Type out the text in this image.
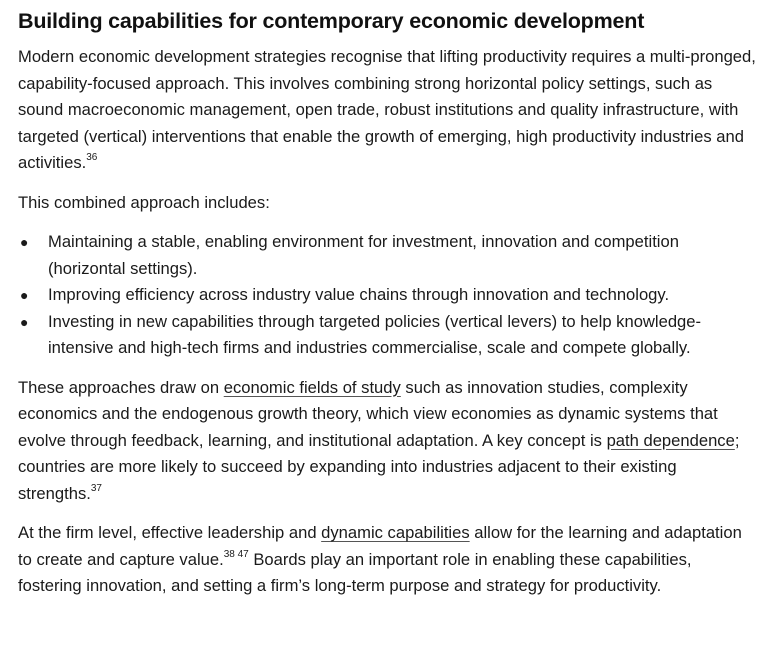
Building capabilities for contemporary economic development

Modern economic development strategies recognise that lifting productivity requires a multi-pronged, capability-focused approach. This involves combining strong horizontal policy settings, such as sound macroeconomic management, open trade, robust institutions and quality infrastructure, with targeted (vertical) interventions that enable the growth of emerging, high productivity industries and activities.$^{36}$

This combined approach includes:

● Maintaining a stable, enabling environment for investment, innovation and competition (horizontal settings).
● Improving efficiency across industry value chains through innovation and technology.
● Investing in new capabilities through targeted policies (vertical levers) to help knowledge-intensive and high-tech firms and industries commercialise, scale and compete globally.

These approaches draw on economic fields of study such as innovation studies, complexity economics and the endogenous growth theory, which view economies as dynamic systems that evolve through feedback, learning, and institutional adaptation. A key concept is path dependence; countries are more likely to succeed by expanding into industries adjacent to their existing strengths.$^{37}$

At the firm level, effective leadership and dynamic capabilities allow for the learning and adaptation to create and capture value.$^{38 47}$ Boards play an important role in enabling these capabilities, fostering innovation, and setting a firm’s long-term purpose and strategy for productivity.
